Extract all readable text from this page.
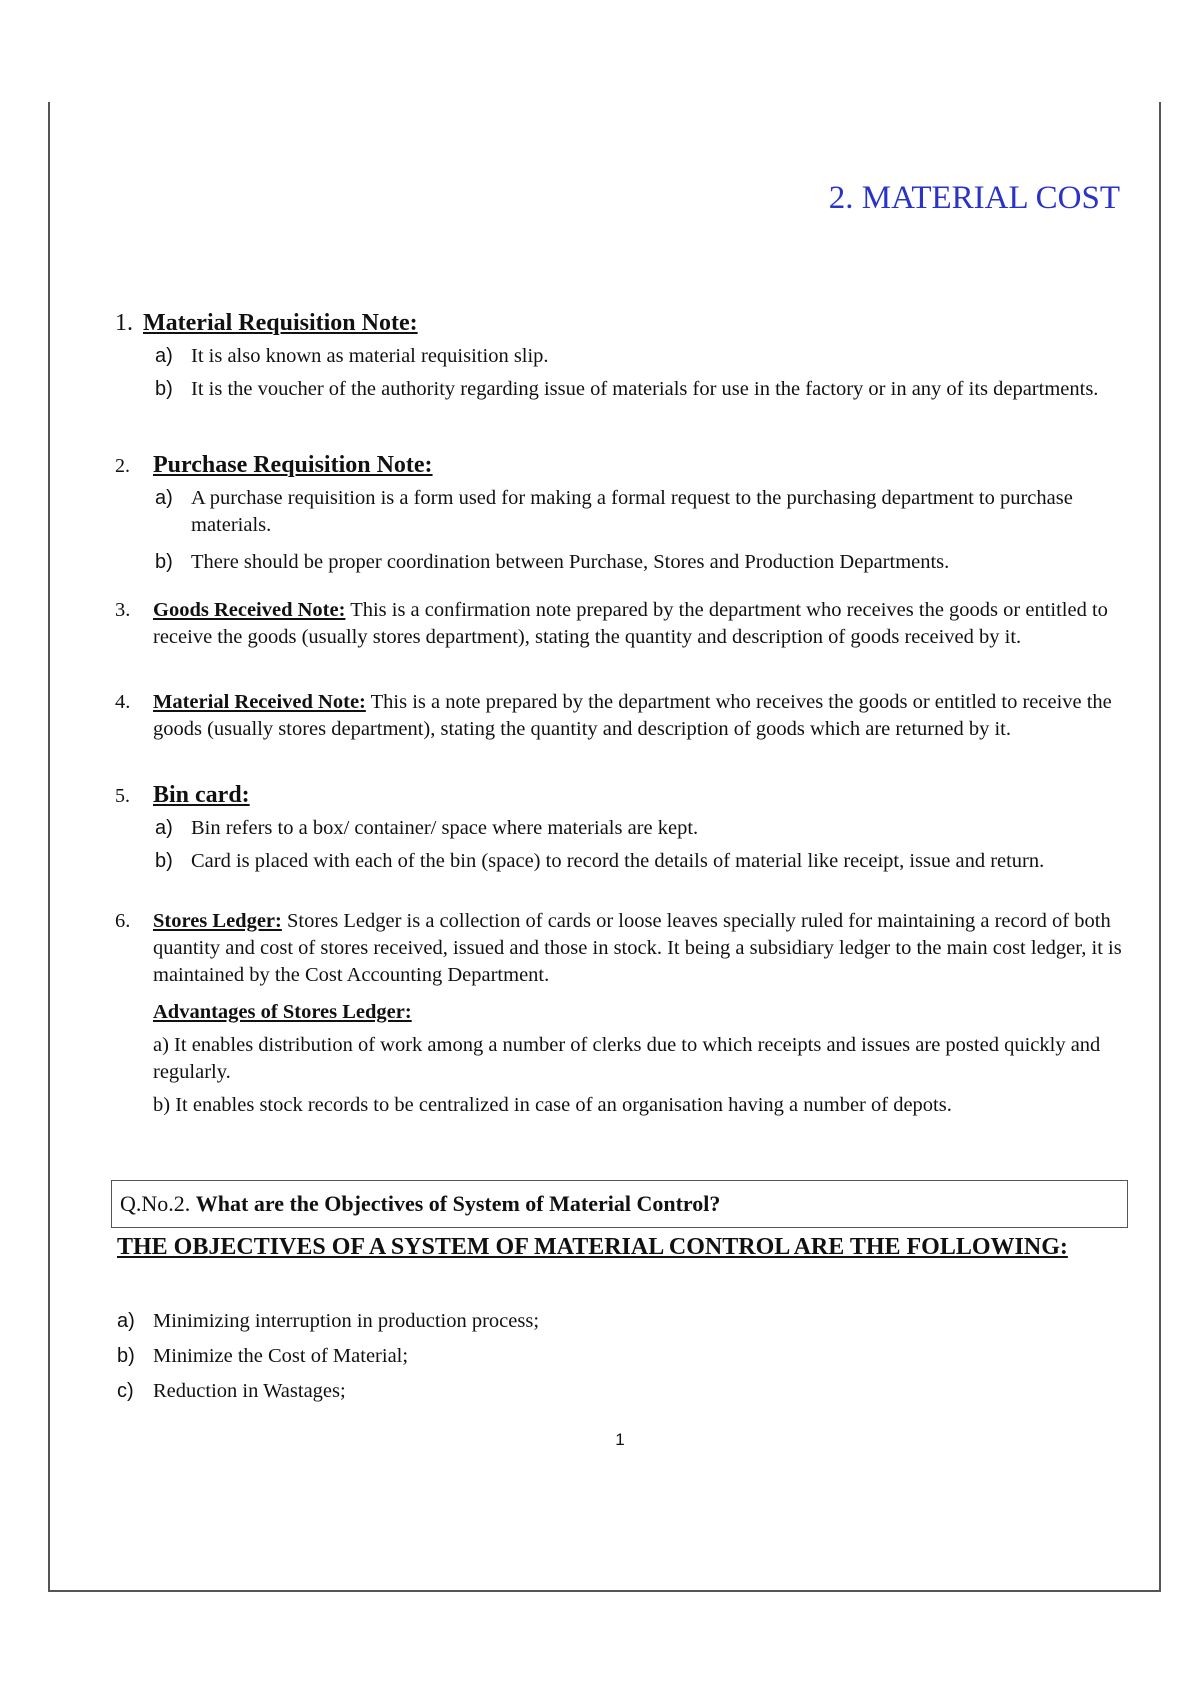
2. MATERIAL COST
1. Material Requisition Note:
a) It is also known as material requisition slip.
b) It is the voucher of the authority regarding issue of materials for use in the factory or in any of its departments.
2. Purchase Requisition Note:
a) A purchase requisition is a form used for making a formal request to the purchasing department to purchase materials.
b) There should be proper coordination between Purchase, Stores and Production Departments.
3.	Goods Received Note: This is a confirmation note prepared by the department who receives the goods or entitled to receive the goods (usually stores department), stating the quantity and description of goods received by it.
4.	Material Received Note: This is a note prepared by the department who receives the goods or entitled to receive the goods (usually stores department), stating the quantity and description of goods which are returned by it.
5. Bin card:
a) Bin refers to a box/ container/ space where materials are kept.
b) Card is placed with each of the bin (space) to record the details of material like receipt, issue and return.
6.	Stores Ledger: Stores Ledger is a collection of cards or loose leaves specially ruled for maintaining a record of both quantity and cost of stores received, issued and those in stock. It being a subsidiary ledger to the main cost ledger, it is maintained by the Cost Accounting Department.
Advantages of Stores Ledger:
a) It enables distribution of work among a number of clerks due to which receipts and issues are posted quickly and regularly.
b) It enables stock records to be centralized in case of an organisation having a number of depots.
Q.No.2. What are the Objectives of System of Material Control?
THE OBJECTIVES OF A SYSTEM OF MATERIAL CONTROL ARE THE FOLLOWING:
a) Minimizing interruption in production process;
b) Minimize the Cost of Material;
c) Reduction in Wastages;
1
